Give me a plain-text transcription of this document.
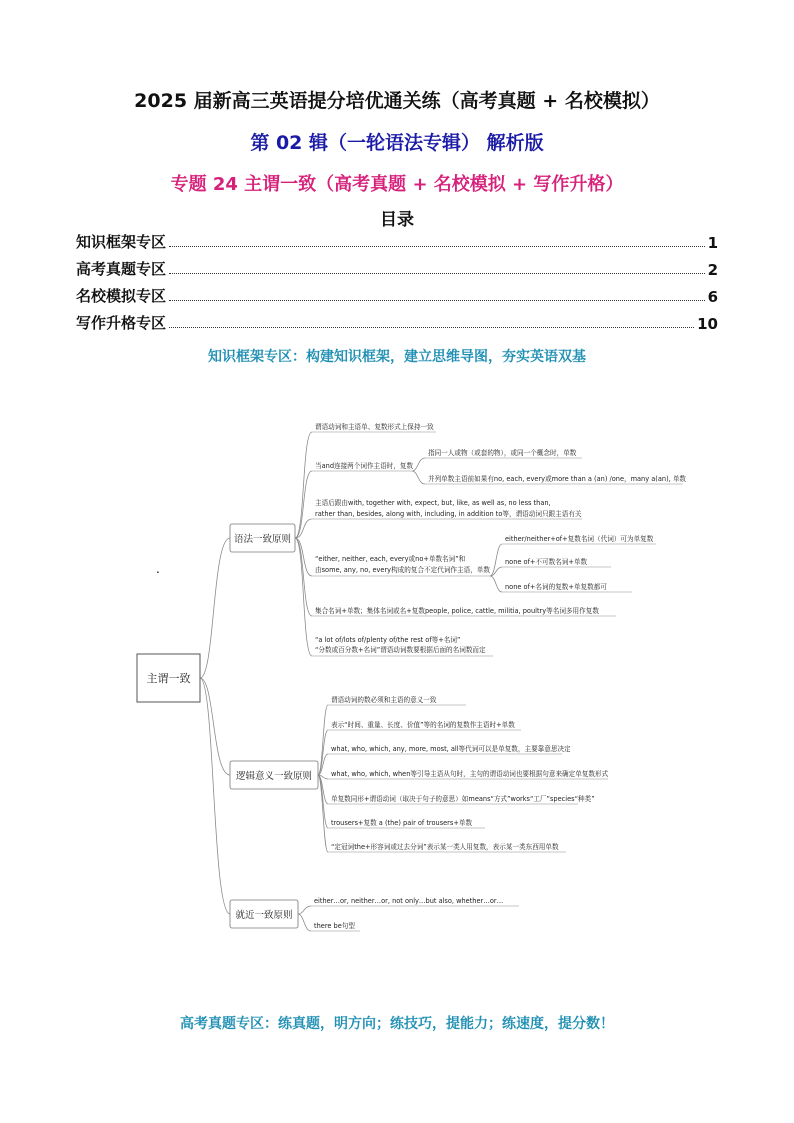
2025 届新高三英语提分培优通关练（高考真题 + 名校模拟）
第 02 辑（一轮语法专辑） 解析版
专题 24 主谓一致（高考真题 + 名校模拟 + 写作升格）
目录
知识框架专区	1
高考真题专区	2
名校模拟专区	6
写作升格专区	10
知识框架专区：构建知识框架，建立思维导图，夯实英语双基
.
主谓一致
语法一致原则
逻辑意义一致原则
就近一致原则
谓语动词和主语单、复数形式上保持一致
当and连接两个词作主语时，复数
指同一人或物（或套的物），或同一个概念时，单数
并列单数主语前如果有no, each, every或more than a (an) /one，many a(an), 单数
主语后跟由with, together with, expect, but, like, as well as, no less than,
rather than, besides, along with, including, in addition to等，谓语动词只跟主语有关
“either, neither, each, every或no+单数名词”和
由some, any, no, every构成的复合不定代词作主语，单数
either/neither+of+复数名词（代词）可为单复数
none of+不可数名词+单数
none of+名词的复数+单复数都可
集合名词+单数；集体名词或名+复数people, police, cattle, militia, poultry等名词多用作复数
“a lot of/lots of/plenty of/the rest of等+名词”
“分数或百分数+名词”谓语动词数要根据后面的名词数而定
谓语动词的数必须和主语的意义一致
表示“时间、重量、长度、价值”等的名词的复数作主语时+单数
what, who, which, any, more, most, all等代词可以是单复数，主要靠意思决定
what, who, which, when等引导主语从句时，主句的谓语动词也要根据句意来确定单复数形式
单复数同形+谓语动词（取决于句子的意思）如means“方式”works“工厂”species“种类”
trousers+复数 a (the) pair of trousers+单数
“定冠词the+形容词或过去分词”表示某一类人用复数，表示某一类东西用单数
either…or, neither…or, not only…but also, whether…or…
there be句型
高考真题专区：练真题，明方向；练技巧，提能力；练速度，提分数！
